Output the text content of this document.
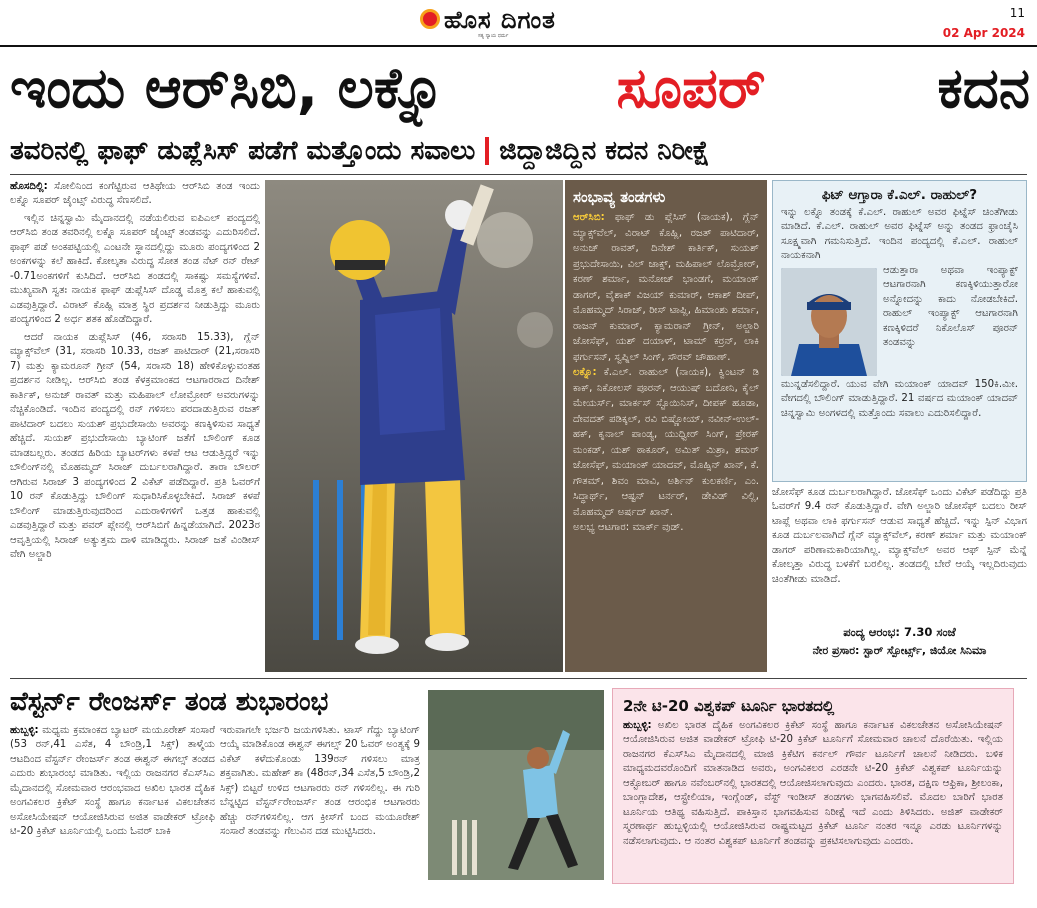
ಹೊಸ ದಿಗಂತ
ಸತ್ಯ ನ್ಯಾಯ ಧರ್ಮ
11
02 Apr 2024
ಇಂದು ಆರ್‌ಸಿಬಿ, ಲಕ್ನೊ	ಸೂಪರ್	ಕದನ
ತವರಿನಲ್ಲಿ ಫಾಫ್ ಡುಪ್ಲೆಸಿಸ್ ಪಡೆಗೆ ಮತ್ತೊಂದು ಸವಾಲು ಜಿದ್ದಾಜಿದ್ದಿನ ಕದನ ನಿರೀಕ್ಷೆ

ಹೊಸದಿಲ್ಲಿ: ಸೋಲಿನಿಂದ ಕಂಗೆಟ್ಟಿರುವ ಆತಿಥೇಯ ಆರ್‌ಸಿಬಿ ತಂಡ ಇಂದು ಲಕ್ನೊ ಸೂಪರ್ ಜೈಂಟ್ಸ್ ವಿರುದ್ಧ ಸೆಣಸಲಿದೆ.

ಇಲ್ಲಿನ ಚಿನ್ನಸ್ವಾಮಿ ಮೈದಾನದಲ್ಲಿ ನಡೆಯಲಿರುವ ಐಪಿಎಲ್ ಪಂದ್ಯದಲ್ಲಿ ಆರ್‌ಸಿಬಿ ತಂಡ ತವರಿನಲ್ಲಿ ಲಕ್ನೊ ಸೂಪರ್ ಜೈಂಟ್ಸ್ ತಂಡವನ್ನು ಎದುರಿಸಲಿದೆ. ಫಾಫ್ ಪಡೆ ಅಂಕಪಟ್ಟಿಯಲ್ಲಿ ಎಂಟನೇ ಸ್ಥಾನದಲ್ಲಿದ್ದು ಮೂರು ಪಂದ್ಯಗಳಿಂದ 2 ಅಂಕಗಳನ್ನು ಕಲೆ ಹಾಕಿದೆ. ಕೋಲ್ಕತಾ ವಿರುದ್ಧ ಸೋತ ತಂಡ ನೆಟ್ ರನ್ ರೇಟ್ -0.71ಅಂಕಗಳಿಗೆ ಕುಸಿದಿದೆ. ಆರ್‌ಸಿಬಿ ತಂಡದಲ್ಲಿ ಸಾಕಷ್ಟು ಸಮಸ್ಯೆಗಳಿವೆ. ಮುಖ್ಯವಾಗಿ ಸ್ವತಃ ನಾಯಕ ಫಾಫ್ ಡುಪ್ಲೆಸಿಸ್ ದೊಡ್ಡ ಮೊತ್ತ ಕಲೆ ಹಾಕುವಲ್ಲಿ ಎಡವುತ್ತಿದ್ದಾರೆ. ವಿರಾಟ್ ಕೊಹ್ಲಿ ಮಾತ್ರ ಸ್ಥಿರ ಪ್ರದರ್ಶನ ನೀಡುತ್ತಿದ್ದು ಮೂರು ಪಂದ್ಯಗಳಿಂದ 2 ಅರ್ಧ ಶತಕ ಹೊಡೆದಿದ್ದಾರೆ.

ಆದರೆ ನಾಯಕ ಡುಪ್ಲೆಸಿಸ್ (46, ಸರಾಸರಿ 15.33), ಗ್ಲೆನ್ ಮ್ಯಾಕ್ಸ್‌ವೆಲ್ (31, ಸರಾಸರಿ 10.33, ರಜತ್ ಪಾಟಿದಾರ್ (21,ಸರಾಸರಿ 7) ಮತ್ತು ಕ್ಯಾಮರೂನ್ ಗ್ರೀನ್ (54, ಸರಾಸರಿ 18) ಹೇಳಿಕೊಳ್ಳುವಂತಹ ಪ್ರದರ್ಶನ ನೀಡಿಲ್ಲ. ಆರ್‌ಸಿಬಿ ತಂಡ ಕೆಳಕ್ರಮಾಂಕದ ಆಟಗಾರರಾದ ದಿನೇಶ್ ಕಾರ್ತಿಕ್, ಅನುಜ್ ರಾವತ್ ಮತ್ತು ಮಹಿಪಾಲ್ ಲೋಮ್ರೋರ್ ಅವರುಗಳನ್ನು ನೆಚ್ಚಿಕೊಂಡಿದೆ. ಇಂದಿನ ಪಂದ್ಯದಲ್ಲಿ ರನ್ ಗಳಿಸಲು ಪರದಾಡುತ್ತಿರುವ ರಜತ್ ಪಾಟಿದಾರ್ ಬದಲು ಸುಯಶ್ ಪ್ರಭುದೇಸಾಯಿ ಅವರನ್ನು ಕಣಕ್ಕಿಳಿಸುವ ಸಾಧ್ಯತೆ ಹೆಚ್ಚಿದೆ. ಸುಯಶ್ ಪ್ರಭುದೇಸಾಯಿ ಬ್ಯಾಟಿಂಗ್ ಜತೆಗೆ ಬೌಲಿಂಗ್ ಕೂಡ ಮಾಡಬಲ್ಲರು. ತಂಡದ ಹಿರಿಯ ಬ್ಯಾಟರ್‌ಗಳು ಕಳಪೆ ಆಟ ಆಡುತ್ತಿದ್ದರೆ ಇನ್ನು ಬೌಲಿಂಗ್‌ನಲ್ಲಿ ಮೊಹಮ್ಮದ್ ಸಿರಾಜ್ ದುರ್ಬಲರಾಗಿದ್ದಾರೆ. ತಾರಾ ಬೌಲರ್ ಆಗಿರುವ ಸಿರಾಜ್ 3 ಪಂದ್ಯಗಳಿಂದ 2 ವಿಕೆಟ್ ಪಡೆದಿದ್ದಾರೆ. ಪ್ರತಿ ಓವರ್‌ಗೆ 10 ರನ್ ಕೊಡುತ್ತಿದ್ದು ಬೌಲಿಂಗ್ ಸುಧಾರಿಸಿಕೊಳ್ಳಬೇಕಿದೆ. ಸಿರಾಜ್ ಕಳಪೆ ಬೌಲಿಂಗ್ ಮಾಡುತ್ತಿರುವುದರಿಂದ ಎದುರಾಳಿಗಳಿಗೆ ಒತ್ತಡ ಹಾಕುವಲ್ಲಿ ಎಡವುತ್ತಿದ್ದಾರೆ ಮತ್ತು ಪವರ್ ಪ್ಲೇನಲ್ಲಿ ಆರ್‌ಸಿಬಿಗೆ ಹಿನ್ನಡೆಯಾಗಿದೆ. 2023ರ ಆವೃತ್ತಿಯಲ್ಲಿ ಸಿರಾಜ್ ಅತ್ಯುತ್ತಮ ದಾಳಿ ಮಾಡಿದ್ದರು. ಸಿರಾಜ್ ಜತೆ ವಿಂಡೀಸ್ ವೇಗಿ ಅಲ್ಜಾರಿ

ಸಂಭಾವ್ಯ ತಂಡಗಳು
ಆರ್‌ಸಿಬಿ: ಫಾಫ್ ಡು ಪ್ಲೆಸಿಸ್ (ನಾಯಕ), ಗ್ಲೆನ್ ಮ್ಯಾಕ್ಸ್‌ವೆಲ್, ವಿರಾಟ್ ಕೊಹ್ಲಿ, ರಜತ್ ಪಾಟಿದಾರ್, ಅನುಜ್ ರಾವತ್, ದಿನೇಶ್ ಕಾರ್ತಿಕ್, ಸುಯಶ್ ಪ್ರಭುದೇಸಾಯಿ, ವಿಲ್ ಜಾಕ್ಸ್, ಮಹಿಪಾಲ್ ಲೊಮ್ರೋರ್, ಕರಣ್ ಶರ್ಮಾ, ಮನೋಜ್ ಭಾಂಡಗೆ, ಮಯಾಂಕ್ ಡಾಗರ್, ವೈಶಾಕ್ ವಿಜಯ್ ಕುಮಾರ್, ಆಕಾಶ್ ದೀಪ್, ಮೊಹಮ್ಮದ್ ಸಿರಾಜ್, ರೀಸ್ ಟಾಪ್ಲಿ, ಹಿಮಾಂಶು ಶರ್ಮಾ, ರಾಜನ್ ಕುಮಾರ್, ಕ್ಯಾಮರಾನ್ ಗ್ರೀನ್, ಅಲ್ಜಾರಿ ಜೋಸೆಫ್, ಯಶ್ ದಯಾಳ್, ಟಾಮ್ ಕರ್‍ರನ್, ಲಾಕಿ ಫರ್ಗುಸನ್, ಸ್ವಪ್ನಿಲ್ ಸಿಂಗ್, ಸೌರವ್ ಚೌಹಾಣ್.
ಲಕ್ನೊ: ಕೆ.ಎಲ್. ರಾಹುಲ್ (ನಾಯಕ), ಕ್ವಿಂಟನ್ ಡಿ ಕಾಕ್, ನಿಕೋಲಸ್ ಪೂರನ್, ಆಯುಷ್ ಬದೋನಿ, ಕೈಲ್ ಮೇಯರ್ಸ್, ಮಾರ್ಕಸ್ ಸ್ಟೊಯಿನಿಸ್, ದೀಪಕ್ ಹೂಡಾ, ದೇವದತ್ ಪಡಿಕ್ಕಲ್, ರವಿ ಬಿಷ್ಣೋಯ್, ನವೀನ್-ಉಲ್-ಹಕ್, ಕೃನಾಲ್ ಪಾಂಡ್ಯ, ಯುಧ್ವೀರ್ ಸಿಂಗ್, ಪ್ರೇರಕ್ ಮಂಕಡ್, ಯಶ್ ಠಾಕೂರ್, ಅಮಿತ್ ಮಿಶ್ರಾ, ಶಮರ್ ಜೋಸೆಫ್, ಮಯಾಂಕ್ ಯಾದವ್, ಮೊಹ್ಸಿನ್ ಖಾನ್, ಕೆ. ಗೌತಮ್, ಶಿವಂ ಮಾವಿ, ಅರ್ಶಿನ್ ಕುಲಕರ್ಣಿ, ಎಂ. ಸಿದ್ಧಾರ್ಥ್, ಆಷ್ಟನ್ ಟರ್ನರ್, ಡೇವಿಡ್ ವಿಲ್ಲಿ, ಮೊಹಮ್ಮದ್ ಅರ್ಷದ್ ಖಾನ್.
ಅಲಭ್ಯ ಆಟಗಾರ: ಮಾರ್ಕ್ ವುಡ್.
ಫಿಟ್ ಆಗ್ತಾರಾ ಕೆ.ಎಲ್. ರಾಹುಲ್?
ಇನ್ನು ಲಕ್ನೊ ತಂಡಕ್ಕೆ ಕೆ.ಎಲ್. ರಾಹುಲ್ ಅವರ ಫಿಟ್ನೆಸ್ ಚಿಂತೆಗೀಡು ಮಾಡಿದೆ. ಕೆ.ಎಲ್. ರಾಹುಲ್ ಅವರ ಫಿಟ್ನೆಸ್ ಅನ್ನು ತಂಡದ ಫ್ರಾಂಚೈಸಿ ಸೂಕ್ಷ್ಮವಾಗಿ ಗಮನಿಸುತ್ತಿದೆ. ಇಂದಿನ ಪಂದ್ಯದಲ್ಲಿ ಕೆ.ಎಲ್. ರಾಹುಲ್ ನಾಯಕನಾಗಿ
ಆಡುತ್ತಾರಾ ಅಥವಾ ಇಂಪ್ಯಾಕ್ಟ್ ಆಟಗಾರನಾಗಿ ಕಣಕ್ಕಿಳಿಯುತ್ತಾರೋ ಅನ್ನೋದನ್ನು ಕಾದು ನೋಡಬೇಕಿದೆ. ರಾಹುಲ್ ಇಂಪ್ಯಾಕ್ಟ್ ಆಟಗಾರನಾಗಿ ಕಣಕ್ಕಿಳಿದರೆ ನಿಕೊಲೊಸ್ ಪೂರನ್ ತಂಡವನ್ನು
ಮುನ್ನಡೆಸಲಿದ್ದಾರೆ. ಯುವ ವೇಗಿ ಮಯಾಂಕ್ ಯಾದವ್ 150ಕಿ.ಮೀ. ವೇಗದಲ್ಲಿ ಬೌಲಿಂಗ್ ಮಾಡುತ್ತಿದ್ದಾರೆ. 21 ವರ್ಷದ ಮಯಾಂಕ್ ಯಾದವ್ ಚಿನ್ನಸ್ವಾಮಿ ಅಂಗಳದಲ್ಲಿ ಮತ್ತೊಂದು ಸವಾಲು ಎದುರಿಸಲಿದ್ದಾರೆ.
ಜೋಸೆಫ್ ಕೂಡ ದುರ್ಬಲರಾಗಿದ್ದಾರೆ. ಜೋಸೆಫ್ ಒಂದು ವಿಕೆಟ್ ಪಡೆದಿದ್ದು ಪ್ರತಿ ಓವರ್‌ಗೆ 9.4 ರನ್ ಕೊಡುತ್ತಿದ್ದಾರೆ. ವೇಗಿ ಅಲ್ಜಾರಿ ಜೋಸೆಫ್ ಬದಲು ರೀಸ್ ಟಾಪ್ಲೆ ಅಥವಾ ಲಾಕಿ ಫರ್ಗುಸನ್ ಆಡುವ ಸಾಧ್ಯತೆ ಹೆಚ್ಚಿದೆ. ಇನ್ನು ಸ್ಪಿನ್ ವಿಭಾಗ ಕೂಡ ದುರ್ಬಲವಾಗಿದೆ ಗ್ಲೆನ್ ಮ್ಯಾಕ್ಸ್‌ವೆಲ್, ಕರಣ್ ಶರ್ಮಾ ಮತ್ತು ಮಯಾಂಕ್ ಡಾಗರ್ ಪರಿಣಾಮಕಾರಿಯಾಗಿಲ್ಲ. ಮ್ಯಾಕ್ಸ್‌ವೆಲ್ ಅವರ ಆಫ್ ಸ್ಪಿನ್ ಮೆನ್ನೆ ಕೋಲ್ಕತ್ತಾ ವಿರುದ್ಧ ಬಳಕೆಗೆ ಬರಲಿಲ್ಲ. ತಂಡದಲ್ಲಿ ಬೇರೆ ಆಯ್ಕೆ ಇಲ್ಲದಿರುವುದು ಚಿಂತೆಗೀಡು ಮಾಡಿದೆ.
ಪಂದ್ಯ ಆರಂಭ: 7.30 ಸಂಜೆ
ನೇರ ಪ್ರಸಾರ: ಸ್ಟಾರ್ ಸ್ಪೋರ್ಟ್ಸ್, ಜಿಯೋ ಸಿನಿಮಾ
ವೆಸ್ಟರ್ನ್ ರೇಂಜರ್ಸ್ ತಂಡ ಶುಭಾರಂಭ
ಹುಬ್ಬಳ್ಳಿ: ಮಧ್ಯಮ ಕ್ರಮಾಂಕದ ಬ್ಯಾಟರ್ ಮಯೂರೇಶ್ ಸಂಸಾರೆ (53 ರನ್,41 ಎಸೆತ, 4 ಬೌಂಡ್ರಿ,1 ಸಿಕ್ಸ್) ತಾಳ್ಮೆಯ ಆಟದಿಂದ ವೆಸ್ಟರ್ನ್ ರೇಂಜರ್ಸ್ ತಂಡ ಈಶ್ವನ್ ಈಗಲ್ಸ್ ತಂಡದ ಎದುರು ಶುಭಾರಂಭ ಮಾಡಿತು. ಇಲ್ಲಿಯ ರಾಜನಗರ ಕೆಎಸ್‌ಸಿಎ ಮೈದಾನದಲ್ಲಿ ಸೋಮವಾರ ಆರಂಭವಾದ ಅಖಿಲ ಭಾರತ ದೈಹಿಕ ಅಂಗವಿಕಲರ ಕ್ರಿಕೆಟ್ ಸಂಸ್ಥೆ ಹಾಗೂ ಕರ್ನಾಟಕ ವಿಕಲಚೇತನ ಅಸೋಸಿಯೇಷನ್ ಆಯೋಜಿಸಿರುವ ಅಜಿತ ವಾಡೇಕರ್ ಟ್ರೋಫಿ ಟಿ-20 ಕ್ರಿಕೆಟ್ ಟೂರ್ನಿಯಲ್ಲಿ ಒಂದು ಓವರ್ ಬಾಕಿ
ಇರುವಾಗಲೇ ಭರ್ಜರಿ ಜಯಗಳಿಸಿತು. ಟಾಸ್ ಗೆದ್ದು ಬ್ಯಾಟಿಂಗ್ ಆಯ್ಕೆ ಮಾಡಿಕೊಂಡ ಈಶ್ವನ್ ಈಗಲ್ಸ್ 20 ಓವರ್ ಅಂತ್ಯಕ್ಕೆ 9 ವಿಕೆಟ್ ಕಳೆದುಕೊಂಡು 139ರನ್ ಗಳಿಸಲು ಮಾತ್ರ ಶಕ್ತವಾಗಿತು. ಮಹೇಶ್ ಶಾ (48ರನ್,34 ಎಸೆತ,5 ಬೌಂಡ್ರಿ,2 ಸಿಕ್ಸ್) ಬಿಟ್ಟರೆ ಉಳಿದ ಆಟಗಾರರು ರನ್ ಗಳಿಸಲಿಲ್ಲ. ಈ ಗುರಿ ಬೆನ್ನಟ್ಟಿದ ವೆಸ್ಟರ್ನ್‌ರೇಂಜರ್ಸ್ ತಂಡ ಆರಂಭಿಕ ಆಟಗಾರರು ಹೆಚ್ಚು ರನ್‌ಗಳಿಸಲಿಲ್ಲ. ಆಗ ಕ್ರೀಸ್‌ಗೆ ಬಂದ ಮಯೂರೇಶ್ ಸಂಸಾರೆ ತಂಡವನ್ನು ಗೆಲುವಿನ ದಡ ಮುಟ್ಟಿಸಿದರು.
2ನೇ ಟಿ-20 ವಿಶ್ವಕಪ್ ಟೂರ್ನಿ ಭಾರತದಲ್ಲಿ
ಹುಬ್ಬಳ್ಳಿ: ಅಖಿಲ ಭಾರತ ದೈಹಿಕ ಅಂಗವಿಕಲರ ಕ್ರಿಕೆಟ್ ಸಂಸ್ಥೆ ಹಾಗೂ ಕರ್ನಾಟಕ ವಿಕಲಚೇತನ ಅಸೋಸಿಯೇಷನ್ ಆಯೋಜಿಸಿರುವ ಅಜಿತ ವಾಡೇಕರ್ ಟ್ರೋಫಿ ಟಿ-20 ಕ್ರಿಕೆಟ್ ಟೂರ್ನಿಗೆ ಸೋಮವಾರ ಚಾಲನೆ ದೊರೆಯಿತು. ಇಲ್ಲಿಯ ರಾಜನಗರ ಕೆಎಸ್‌ಸಿಎ ಮೈದಾನದಲ್ಲಿ ಮಾಜಿ ಕ್ರಿಕೆಟಿಗ ಕರ್ನಲ್ ಗೌರ್ವ ಟೂರ್ನಿಗೆ ಚಾಲನೆ ನೀಡಿದರು. ಬಳಿಕ ಮಾಧ್ಯಮದವರೊಂದಿಗೆ ಮಾತನಾಡಿದ ಅವರು, ಅಂಗವಿಕಲರ ಎರಡನೇ ಟಿ-20 ಕ್ರಿಕೆಟ್ ವಿಶ್ವಕಪ್ ಟೂರ್ನಿಯನ್ನು ಆಕ್ಟೋಬರ್ ಹಾಗೂ ನವೆಂಬರ್‌ನಲ್ಲಿ ಭಾರತದಲ್ಲಿ ಆಯೋಜಿಸಲಾಗುವುದು ಎಂದರು. ಭಾರತ, ದಕ್ಷಿಣ ಆಫ್ರಿಕಾ, ಶ್ರೀಲಂಕಾ, ಬಾಂಗ್ಲಾದೇಶ, ಆಸ್ಟ್ರೇಲಿಯಾ, ಇಂಗ್ಲೆಂಡ್, ವೆಸ್ಟ್ ಇಂಡೀಸ್ ತಂಡಗಳು ಭಾಗವಹಿಸಲಿವೆ. ಮೊದಲ ಬಾರಿಗೆ ಭಾರತ ಟೂರ್ನಿಯ ಆತಿಥ್ಯ ವಹಿಸುತ್ತಿದೆ. ಪಾಕಿಸ್ತಾನ ಭಾಗವಹಿಸುವ ನಿರೀಕ್ಷೆ ಇದೆ ಎಂದು ತಿಳಿಸಿದರು. ಅಜಿತ್ ವಾಡೇಕರ್ ಸ್ಮರಣಾರ್ಥ ಹುಬ್ಬಳ್ಳಿಯಲ್ಲಿ ಆಯೋಜಿಸಿರುವ ರಾಷ್ಟ್ರಮಟ್ಟದ ಕ್ರಿಕೆಟ್ ಟೂರ್ನಿ ನಂತರ ಇನ್ನೂ ಎರಡು ಟೂರ್ನಿಗಳನ್ನು ನಡೆಸಲಾಗುವುದು. ಆ ನಂತರ ವಿಶ್ವಕಪ್ ಟೂರ್ನಿಗೆ ತಂಡವನ್ನು ಪ್ರಕಟಿಸಲಾಗುವುದು ಎಂದರು.
